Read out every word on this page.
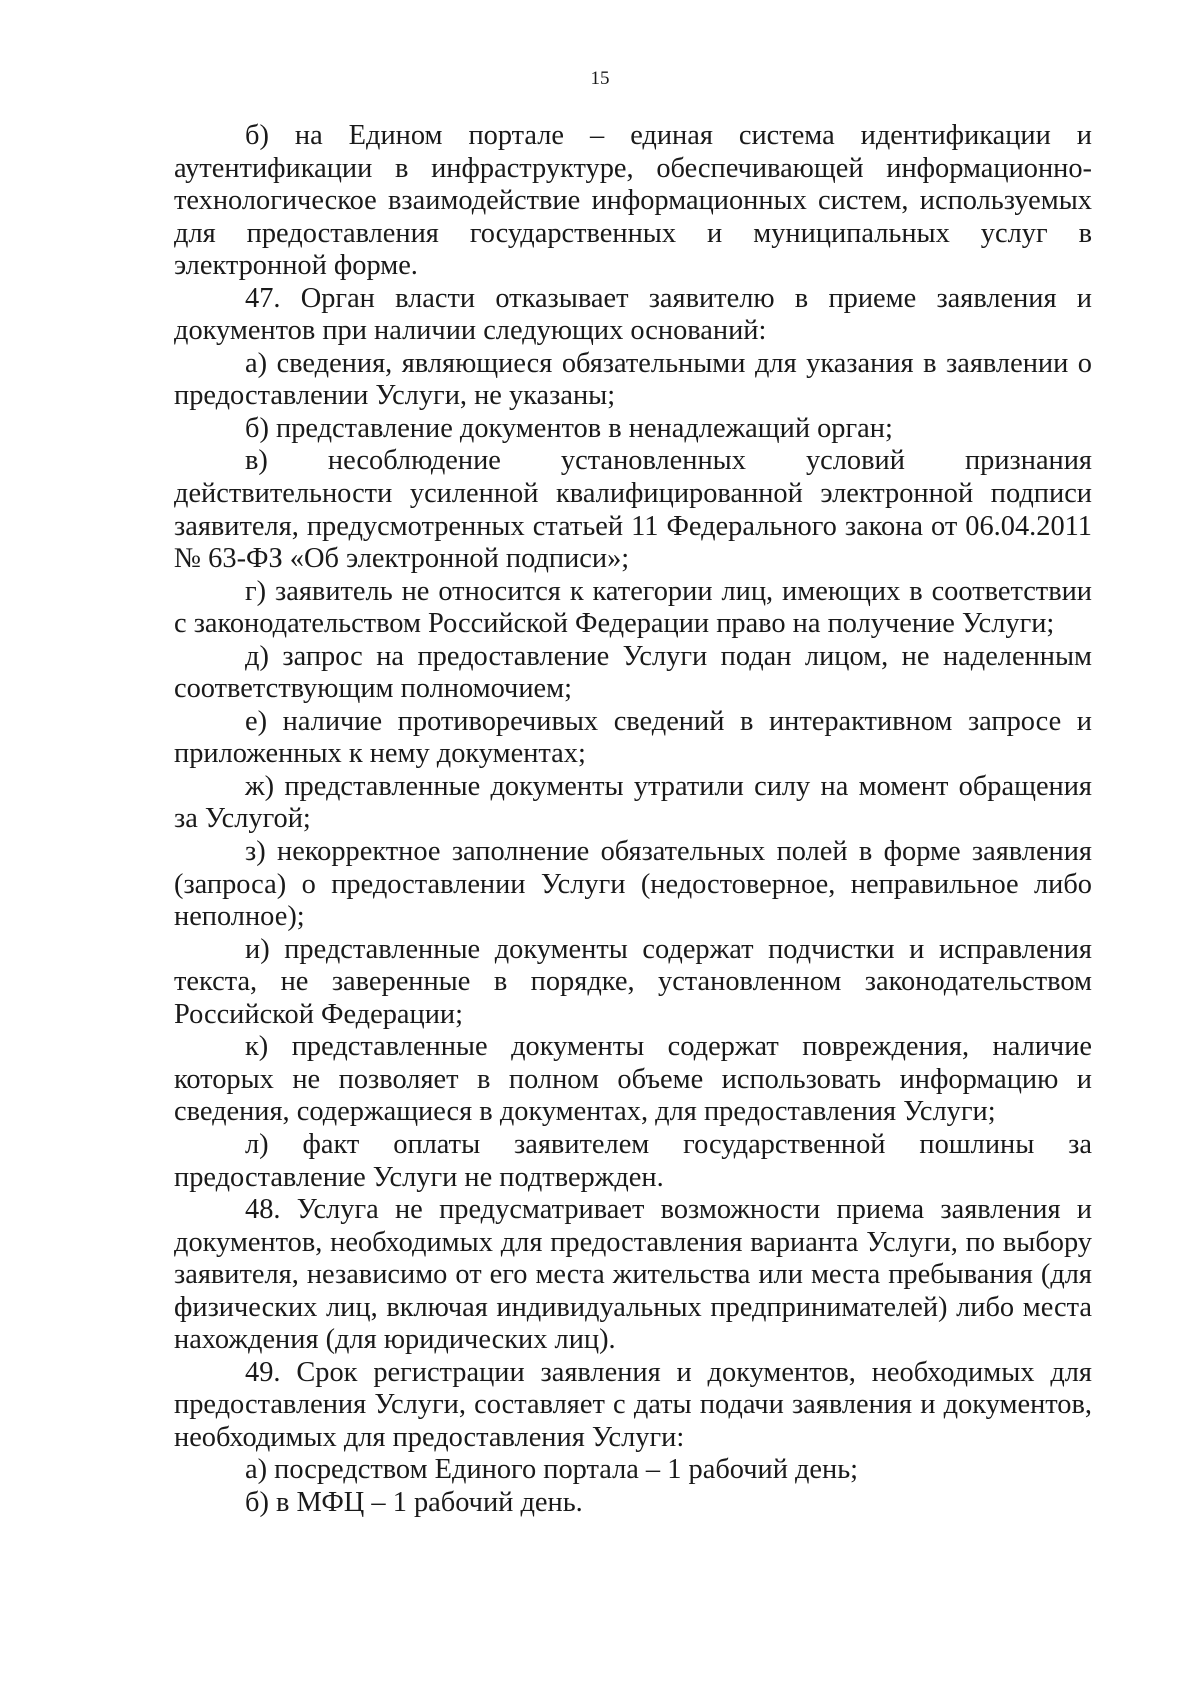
15

б) на Едином портале – единая система идентификации и аутентификации в инфраструктуре, обеспечивающей информационно-технологическое взаимодействие информационных систем, используемых для предоставления государственных и муниципальных услуг в электронной форме.

47. Орган власти отказывает заявителю в приеме заявления и документов при наличии следующих оснований:

а) сведения, являющиеся обязательными для указания в заявлении о предоставлении Услуги, не указаны;

б) представление документов в ненадлежащий орган;

в) несоблюдение установленных условий признания действительности усиленной квалифицированной электронной подписи заявителя, предусмотренных статьей 11 Федерального закона от 06.04.2011 № 63-ФЗ «Об электронной подписи»;

г) заявитель не относится к категории лиц, имеющих в соответствии с законодательством Российской Федерации право на получение Услуги;

д) запрос на предоставление Услуги подан лицом, не наделенным соответствующим полномочием;

е) наличие противоречивых сведений в интерактивном запросе и приложенных к нему документах;

ж) представленные документы утратили силу на момент обращения за Услугой;

з) некорректное заполнение обязательных полей в форме заявления (запроса) о предоставлении Услуги (недостоверное, неправильное либо неполное);

и) представленные документы содержат подчистки и исправления текста, не заверенные в порядке, установленном законодательством Российской Федерации;

к) представленные документы содержат повреждения, наличие которых не позволяет в полном объеме использовать информацию и сведения, содержащиеся в документах, для предоставления Услуги;

л) факт оплаты заявителем государственной пошлины за предоставление Услуги не подтвержден.

48. Услуга не предусматривает возможности приема заявления и документов, необходимых для предоставления варианта Услуги, по выбору заявителя, независимо от его места жительства или места пребывания (для физических лиц, включая индивидуальных предпринимателей) либо места нахождения (для юридических лиц).

49. Срок регистрации заявления и документов, необходимых для предоставления Услуги, составляет с даты подачи заявления и документов, необходимых для предоставления Услуги:

а) посредством Единого портала – 1 рабочий день;

б) в МФЦ – 1 рабочий день.
